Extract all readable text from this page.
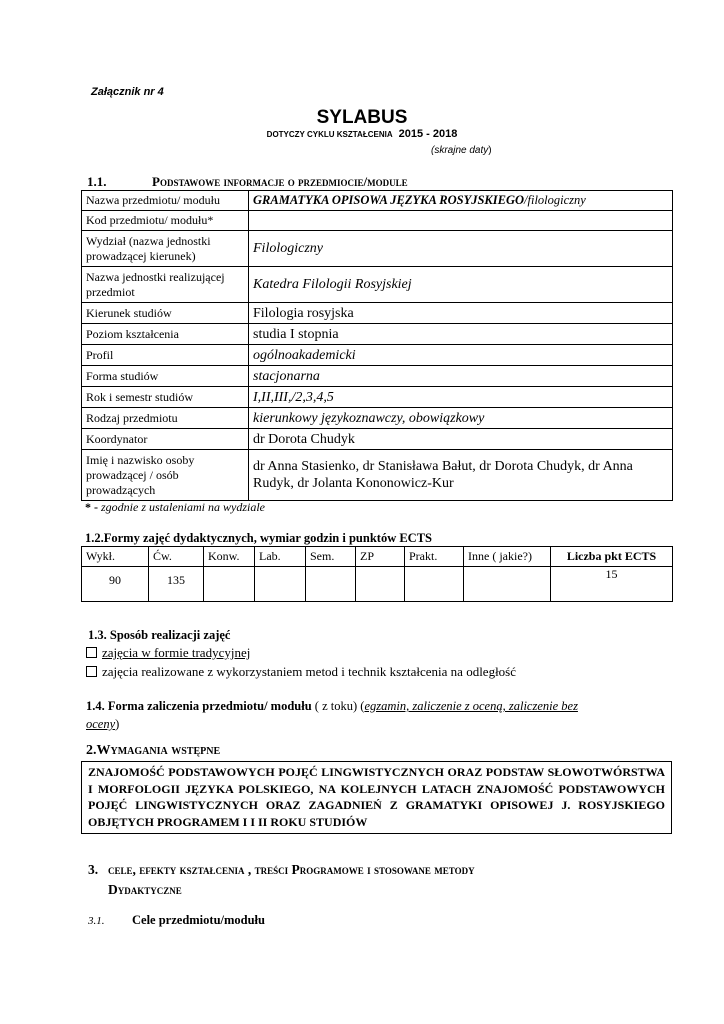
Załącznik nr 4
SYLABUS
DOTYCZY CYKLU KSZTAŁCENIA 2015 - 2018
(skrajne daty)
1.1.	Podstawowe informacje o przedmiocie/module
Nazwa przedmiotu/ modułu	GRAMATYKA OPISOWA JĘZYKA ROSYJSKIEGO/filologiczny
Kod przedmiotu/ modułu*	
Wydział (nazwa jednostki prowadzącej kierunek)	Filologiczny
Nazwa jednostki realizującej przedmiot	Katedra Filologii Rosyjskiej
Kierunek studiów	Filologia rosyjska
Poziom kształcenia	studia I stopnia
Profil	ogólnoakademicki
Forma studiów	stacjonarna
Rok i semestr studiów	I,II,III,/2,3,4,5
Rodzaj przedmiotu	kierunkowy językoznawczy, obowiązkowy
Koordynator	dr Dorota Chudyk
Imię i nazwisko osoby prowadzącej / osób prowadzących	dr Anna Stasienko, dr Stanisława Bałut, dr Dorota Chudyk, dr Anna Rudyk, dr Jolanta Kononowicz-Kur
* - zgodnie z ustaleniami na wydziale
1.2.Formy zajęć dydaktycznych, wymiar godzin i punktów ECTS
Wykł.	Ćw.	Konw.	Lab.	Sem.	ZP	Prakt.	Inne ( jakie?)	Liczba pkt ECTS
90	135							15
1.3. Sposób realizacji zajęć
zajęcia w formie tradycyjnej
zajęcia realizowane z wykorzystaniem metod i technik kształcenia na odległość
1.4. Forma zaliczenia przedmiotu/ modułu ( z toku) (egzamin, zaliczenie z oceną, zaliczenie bez
oceny)
2.Wymagania wstępne
ZNAJOMOŚĆ PODSTAWOWYCH POJĘĆ LINGWISTYCZNYCH ORAZ PODSTAW SŁOWOTWÓRSTWA I MORFOLOGII JĘZYKA POLSKIEGO, NA KOLEJNYCH LATACH ZNAJOMOŚĆ PODSTAWOWYCH POJĘĆ LINGWISTYCZNYCH ORAZ ZAGADNIEŃ Z GRAMATYKI OPISOWEJ J. ROSYJSKIEGO OBJĘTYCH PROGRAMEM I I II ROKU STUDIÓW
3. cele, efekty kształcenia , treści Programowe i stosowane metody
Dydaktyczne
3.1. Cele przedmiotu/modułu
